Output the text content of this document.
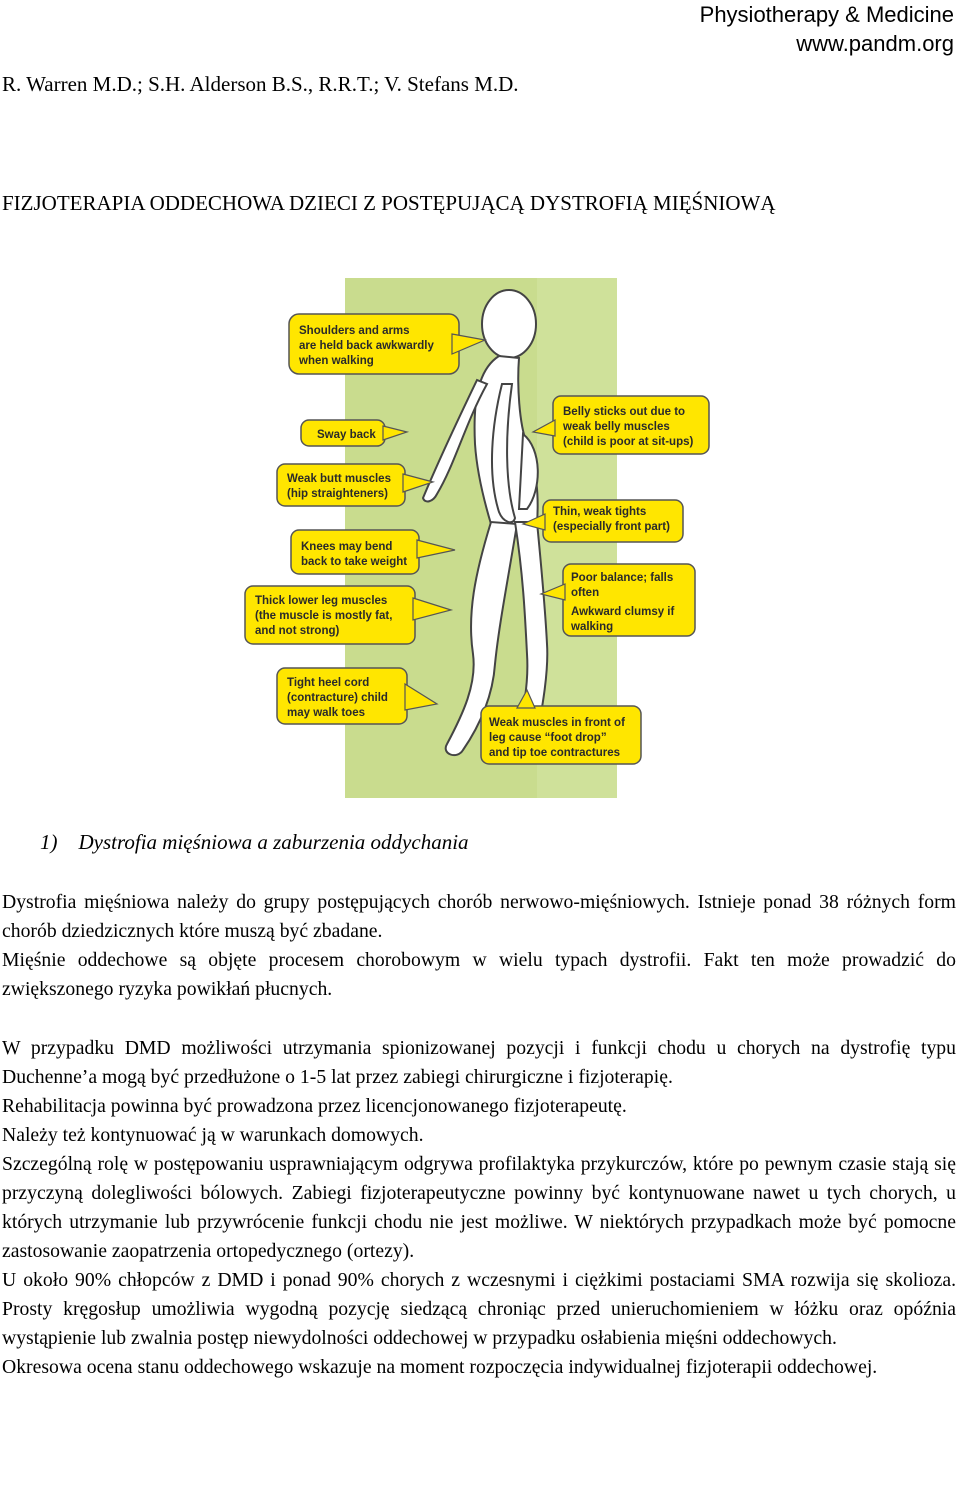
Physiotherapy & Medicine
www.pandm.org
R. Warren M.D.; S.H. Alderson B.S., R.R.T.; V. Stefans M.D.
FIZJOTERAPIA ODDECHOWA DZIECI Z POSTĘPUJĄCĄ DYSTROFIĄ MIĘŚNIOWĄ
Shoulders and arms
are held back awkwardly
when walking
Sway back
Weak butt muscles
(hip straighteners)
Knees may bend
back to take weight
Thick lower leg muscles
(the muscle is mostly fat,
and not strong)
Tight heel cord
(contracture) child
may walk toes
Belly sticks out due to
weak belly muscles
(child is poor at sit-ups)
Thin, weak tights
(especially front part)
Poor balance; falls
often
Awkward clumsy if
walking
Weak muscles in front of
leg cause “foot drop”
and tip toe contractures
1) Dystrofia mięśniowa a zaburzenia oddychania

Dystrofia mięśniowa należy do grupy postępujących chorób nerwowo-mięśniowych. Istnieje ponad 38 różnych form chorób dziedzicznych które muszą być zbadane.

Mięśnie oddechowe są objęte procesem chorobowym w wielu typach dystrofii. Fakt ten może prowadzić do zwiększonego ryzyka powikłań płucnych.

W przypadku DMD możliwości utrzymania spionizowanej pozycji i funkcji chodu u chorych na dystrofię typu Duchenne’a mogą być przedłużone o 1-5 lat przez zabiegi chirurgiczne i fizjoterapię.

Rehabilitacja powinna być prowadzona przez licencjonowanego fizjoterapeutę.

Należy też kontynuować ją w warunkach domowych.

Szczególną rolę w postępowaniu usprawniającym odgrywa profilaktyka przykurczów, które po pewnym czasie stają się przyczyną dolegliwości bólowych. Zabiegi fizjoterapeutyczne powinny być kontynuowane nawet u tych chorych, u których utrzymanie lub przywrócenie funkcji chodu nie jest możliwe. W niektórych przypadkach może być pomocne zastosowanie zaopatrzenia ortopedycznego (ortezy).

U około 90% chłopców z DMD i ponad 90% chorych z wczesnymi i ciężkimi postaciami SMA rozwija się skolioza. Prosty kręgosłup umożliwia wygodną pozycję siedzącą chroniąc przed unieruchomieniem w łóżku oraz opóźnia wystąpienie lub zwalnia postęp niewydolności oddechowej w przypadku osłabienia mięśni oddechowych.

Okresowa ocena stanu oddechowego wskazuje na moment rozpoczęcia indywidualnej fizjoterapii oddechowej.
